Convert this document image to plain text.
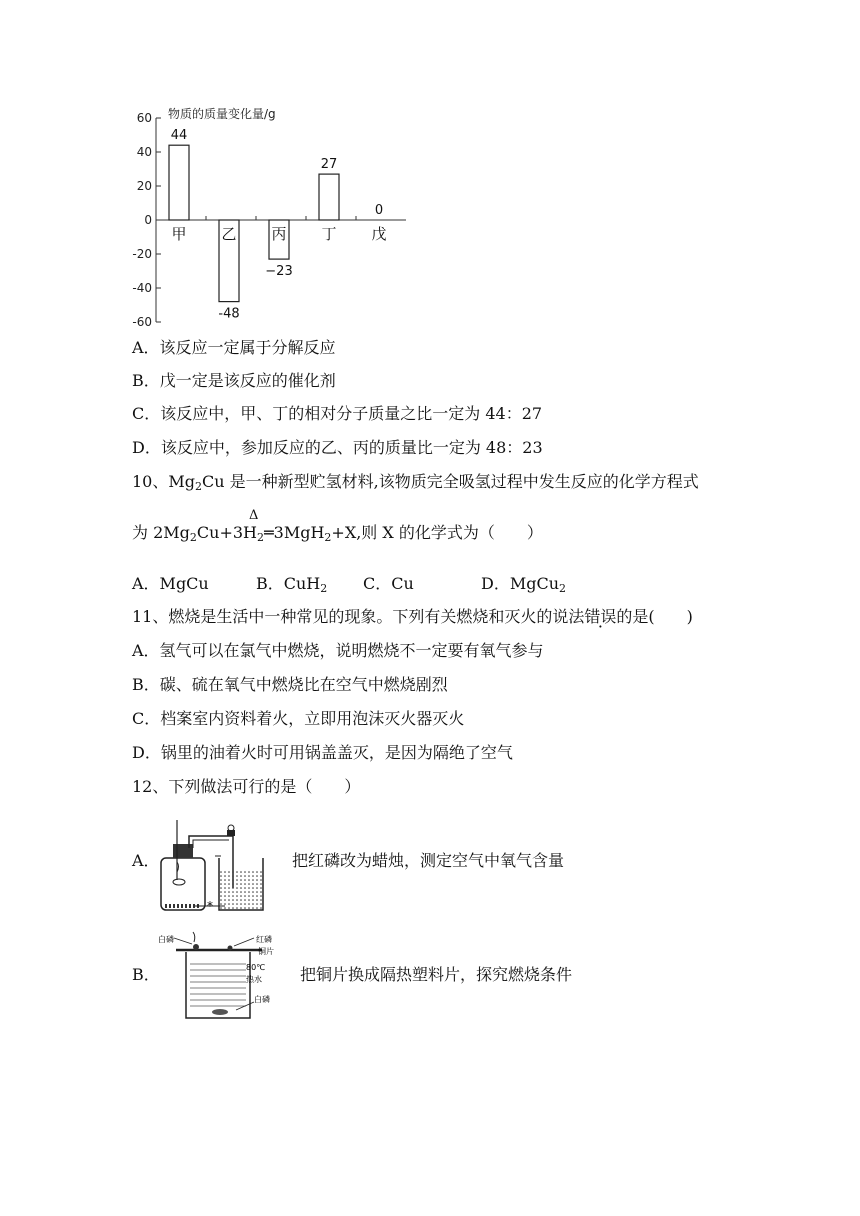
60
40
20
0
-20
-40
-60
物质的质量变化量/g
甲
44
乙
-48
丙
−23
丁
27
戊
0
A．该反应一定属于分解反应
B．戊一定是该反应的催化剂
C．该反应中，甲、丁的相对分子质量之比一定为 44：27
D．该反应中，参加反应的乙、丙的质量比一定为 48：23
10、$Mg_2Cu$ 是一种新型贮氢材料,该物质完全吸氢过程中发生反应的化学方程式
Δ
为 $2Mg_2Cu+3H_2═3MgH_2+X$,则 X 的化学式为（　　）
A．MgCu	B．CuH$_2$ C．Cu	D．MgCu$_2$
11、燃烧是生活中一种常见的现象。下列有关燃烧和灭火的说法错误的是(　　)
A．氢气可以在氯气中燃烧，说明燃烧不一定要有氧气参与
B．碳、硫在氧气中燃烧比在空气中燃烧剧烈
C．档案室内资料着火，立即用泡沫灭火器灭火
D．锅里的油着火时可用锅盖盖灭，是因为隔绝了空气
12、下列做法可行的是（　　）
A．
*
把红磷改为蜡烛，测定空气中氧气含量
B．
白磷	红磷
铜片
80℃
热水
白磷
把铜片换成隔热塑料片，探究燃烧条件
